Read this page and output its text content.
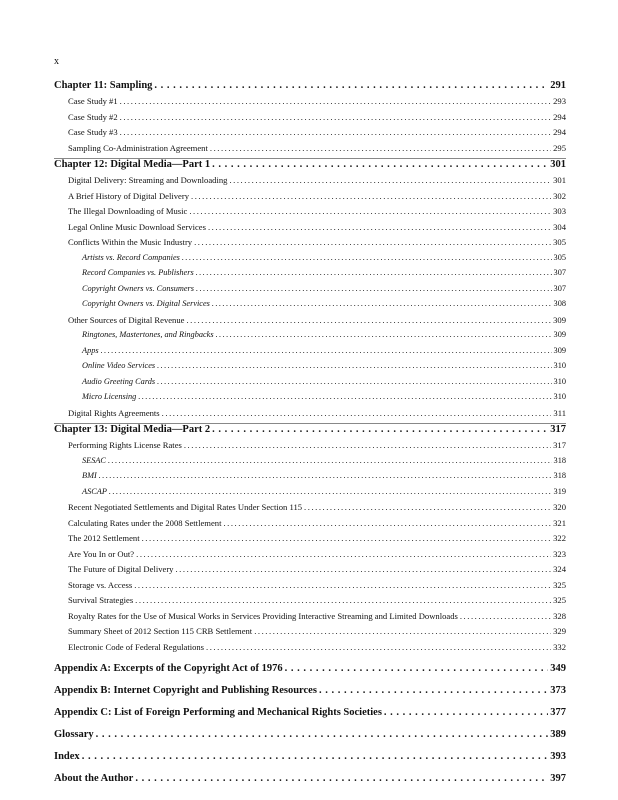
x
Chapter 11: Sampling . . .	291
Case Study #1 . . .	293
Case Study #2 . . .	294
Case Study #3 . . .	294
Sampling Co-Administration Agreement . . .	295
Chapter 12: Digital Media—Part 1 . . .	301
Digital Delivery: Streaming and Downloading . . .	301
A Brief History of Digital Delivery . . .	302
The Illegal Downloading of Music . . .	303
Legal Online Music Download Services . . .	304
Conflicts Within the Music Industry . . .	305
Artists vs. Record Companies . . .	305
Record Companies vs. Publishers . . .	307
Copyright Owners vs. Consumers . . .	307
Copyright Owners vs. Digital Services . . .	308
Other Sources of Digital Revenue . . .	309
Ringtones, Mastertones, and Ringbacks . . .	309
Apps . . .	309
Online Video Services . . .	310
Audio Greeting Cards . . .	310
Micro Licensing . . .	310
Digital Rights Agreements . . .	311
Chapter 13: Digital Media—Part 2 . . .	317
Performing Rights License Rates . . .	317
SESAC . . .	318
BMI . . .	318
ASCAP . . .	319
Recent Negotiated Settlements and Digital Rates Under Section 115 . . .	320
Calculating Rates under the 2008 Settlement . . .	321
The 2012 Settlement . . .	322
Are You In or Out? . . .	323
The Future of Digital Delivery . . .	324
Storage vs. Access . . .	325
Survival Strategies . . .	325
Royalty Rates for the Use of Musical Works in Services Providing Interactive Streaming and Limited Downloads . . .	328
Summary Sheet of 2012 Section 115 CRB Settlement . . .	329
Electronic Code of Federal Regulations . . .	332
Appendix A: Excerpts of the Copyright Act of 1976 . . .	349
Appendix B: Internet Copyright and Publishing Resources . . .	373
Appendix C: List of Foreign Performing and Mechanical Rights Societies . . .	377
Glossary . . .	389
Index . . .	393
About the Author . . .	397
